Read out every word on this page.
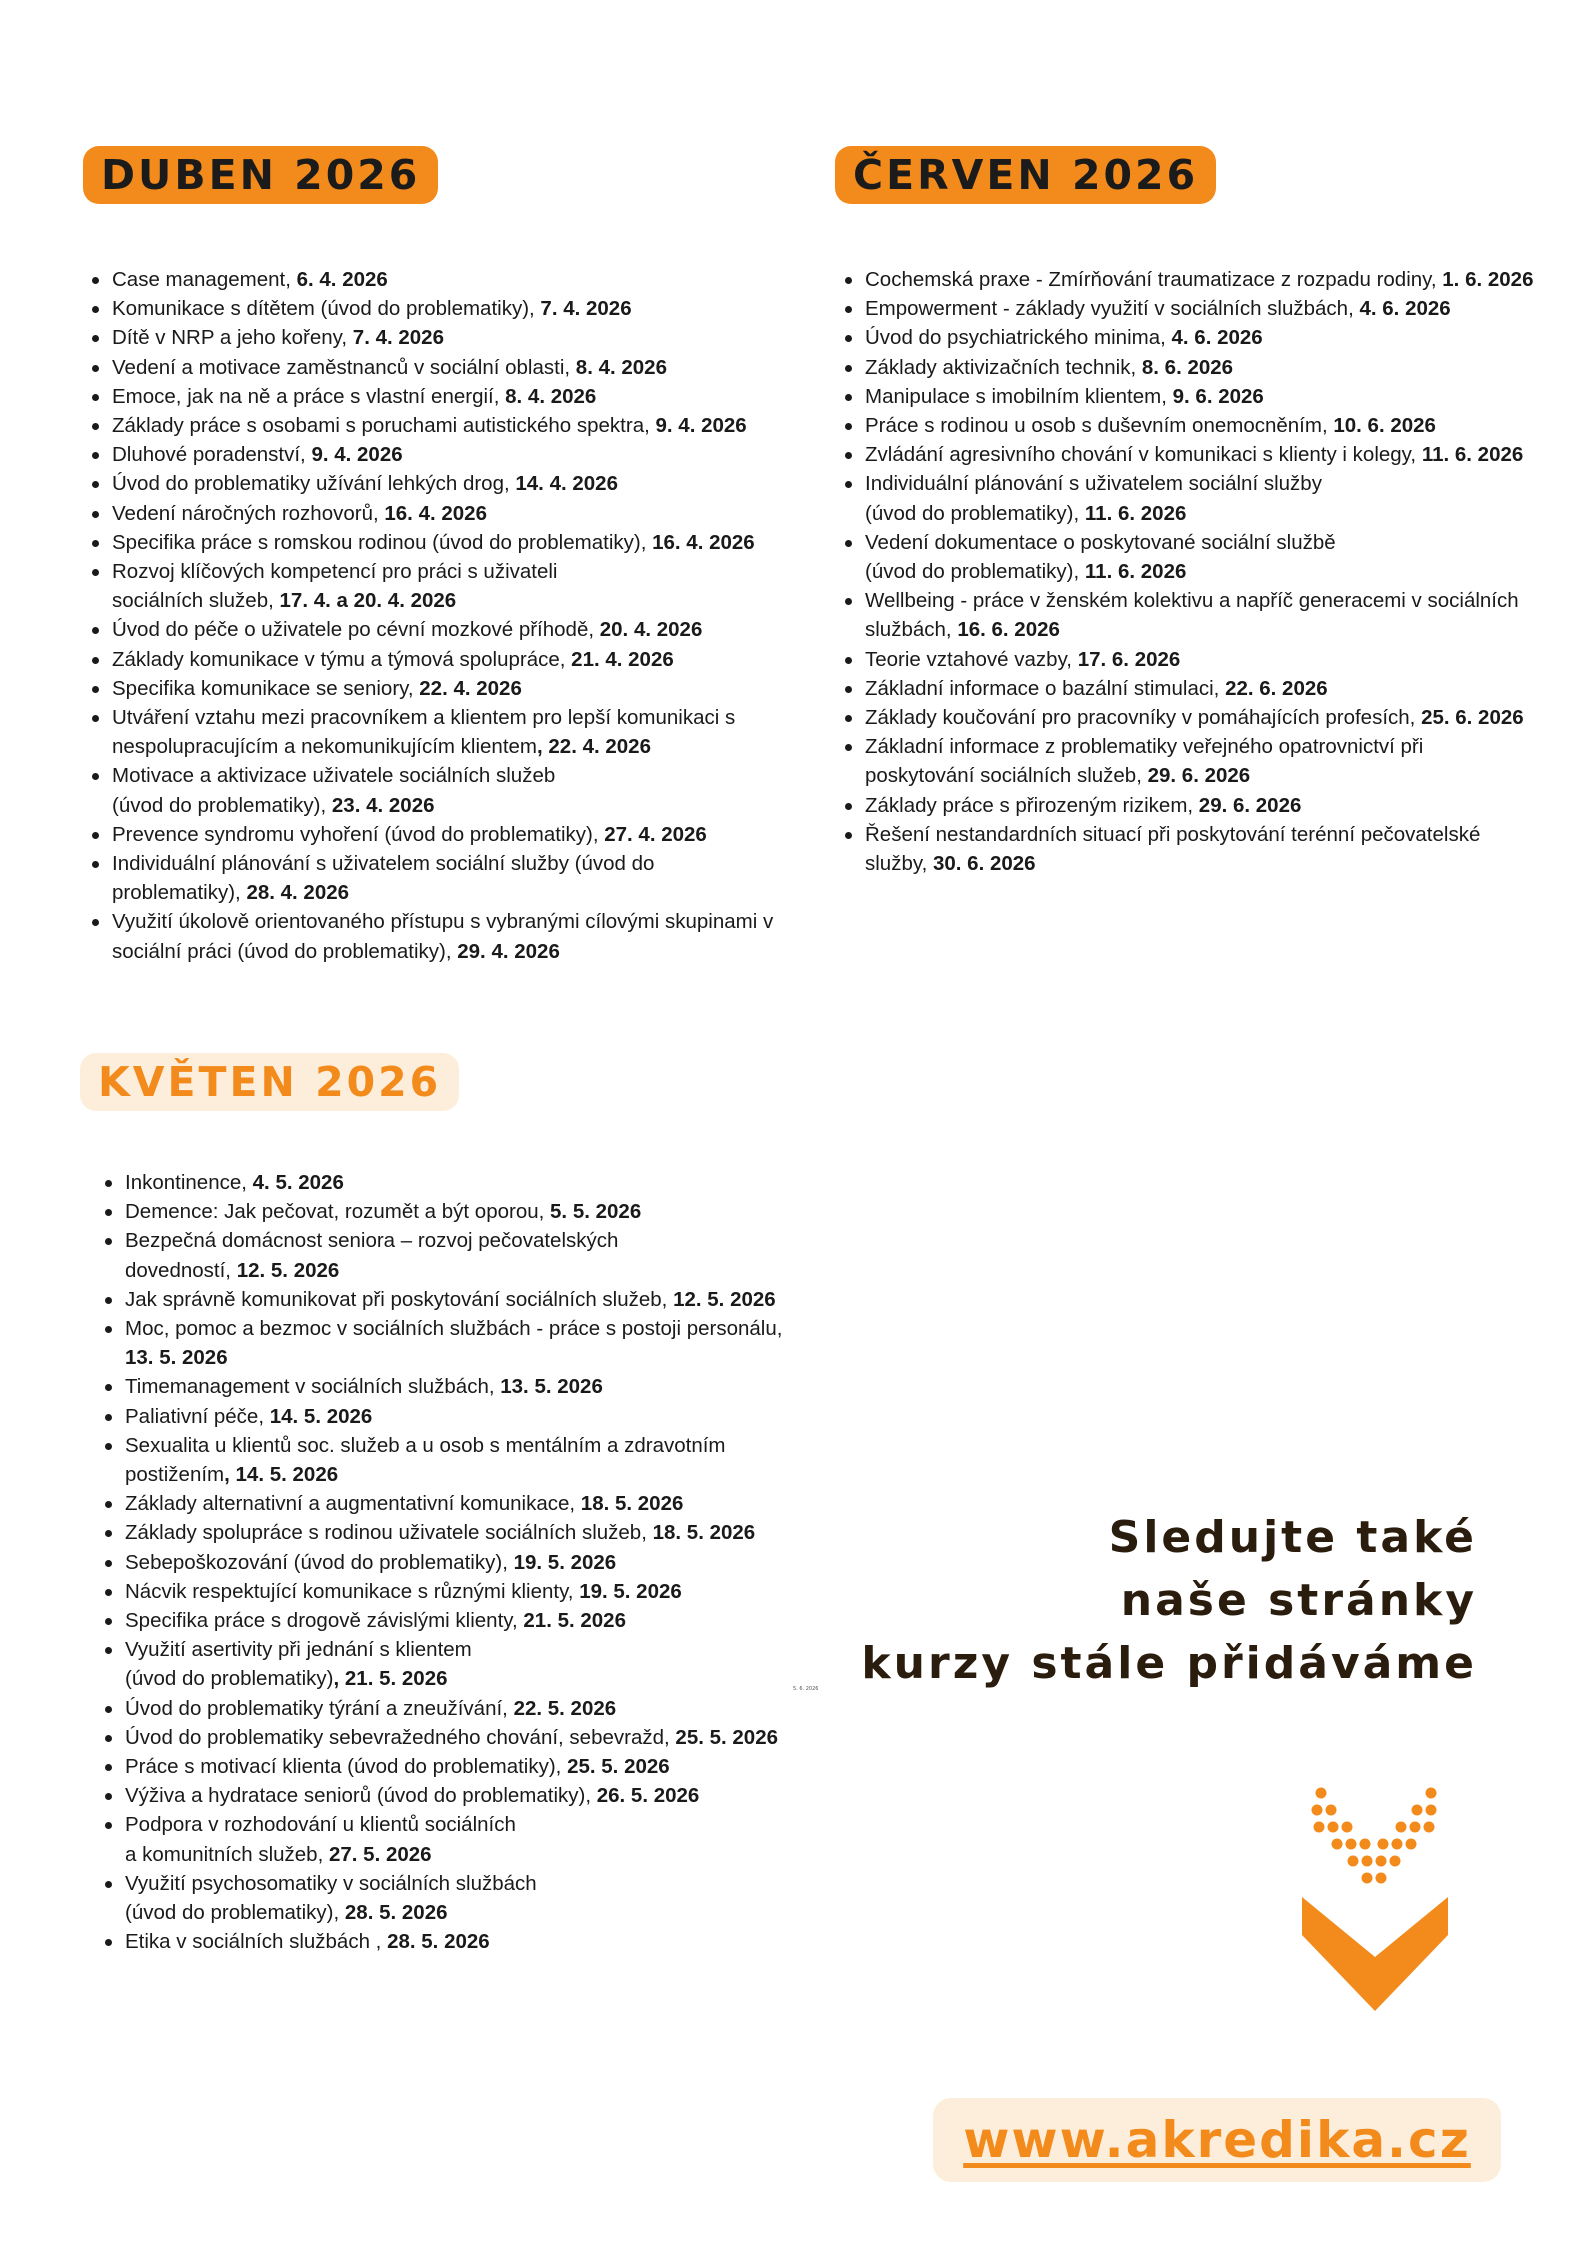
DUBEN 2026	ČERVEN 2026
KVĚTEN 2026
Case management, 6. 4. 2026
Komunikace s dítětem (úvod do problematiky), 7. 4. 2026
Dítě v NRP a jeho kořeny, 7. 4. 2026
Vedení a motivace zaměstnanců v sociální oblasti, 8. 4. 2026
Emoce, jak na ně a práce s vlastní energií, 8. 4. 2026
Základy práce s osobami s poruchami autistického spektra, 9. 4. 2026
Dluhové poradenství, 9. 4. 2026
Úvod do problematiky užívání lehkých drog, 14. 4. 2026
Vedení náročných rozhovorů, 16. 4. 2026
Specifika práce s romskou rodinou (úvod do problematiky), 16. 4. 2026
Rozvoj klíčových kompetencí pro práci s uživateli
sociálních služeb, 17. 4. a 20. 4. 2026
Úvod do péče o uživatele po cévní mozkové příhodě, 20. 4. 2026
Základy komunikace v týmu a týmová spolupráce, 21. 4. 2026
Specifika komunikace se seniory, 22. 4. 2026
Utváření vztahu mezi pracovníkem a klientem pro lepší komunikaci s
nespolupracujícím a nekomunikujícím klientem, 22. 4. 2026
Motivace a aktivizace uživatele sociálních služeb
(úvod do problematiky), 23. 4. 2026
Prevence syndromu vyhoření (úvod do problematiky), 27. 4. 2026
Individuální plánování s uživatelem sociální služby (úvod do
problematiky), 28. 4. 2026
Využití úkolově orientovaného přístupu s vybranými cílovými skupinami v
sociální práci (úvod do problematiky), 29. 4. 2026
Cochemská praxe - Zmírňování traumatizace z rozpadu rodiny, 1. 6. 2026
Empowerment - základy využití v sociálních službách, 4. 6. 2026
Úvod do psychiatrického minima, 4. 6. 2026
Základy aktivizačních technik, 8. 6. 2026
Manipulace s imobilním klientem, 9. 6. 2026
Práce s rodinou u osob s duševním onemocněním, 10. 6. 2026
Zvládání agresivního chování v komunikaci s klienty i kolegy, 11. 6. 2026
Individuální plánování s uživatelem sociální služby
(úvod do problematiky), 11. 6. 2026
Vedení dokumentace o poskytované sociální službě
(úvod do problematiky), 11. 6. 2026
Wellbeing - práce v ženském kolektivu a napříč generacemi v sociálních
službách, 16. 6. 2026
Teorie vztahové vazby, 17. 6. 2026
Základní informace o bazální stimulaci, 22. 6. 2026
Základy koučování pro pracovníky v pomáhajících profesích, 25. 6. 2026
Základní informace z problematiky veřejného opatrovnictví při
poskytování sociálních služeb, 29. 6. 2026
Základy práce s přirozeným rizikem, 29. 6. 2026
Řešení nestandardních situací při poskytování terénní pečovatelské
služby, 30. 6. 2026
Inkontinence, 4. 5. 2026
Demence: Jak pečovat, rozumět a být oporou, 5. 5. 2026
Bezpečná domácnost seniora – rozvoj pečovatelských
dovedností, 12. 5. 2026
Jak správně komunikovat při poskytování sociálních služeb, 12. 5. 2026
Moc, pomoc a bezmoc v sociálních službách - práce s postoji personálu,
13. 5. 2026
Timemanagement v sociálních službách, 13. 5. 2026
Paliativní péče, 14. 5. 2026
Sexualita u klientů soc. služeb a u osob s mentálním a zdravotním
postižením, 14. 5. 2026
Základy alternativní a augmentativní komunikace, 18. 5. 2026
Základy spolupráce s rodinou uživatele sociálních služeb, 18. 5. 2026
Sebepoškozování (úvod do problematiky), 19. 5. 2026
Nácvik respektující komunikace s různými klienty, 19. 5. 2026
Specifika práce s drogově závislými klienty, 21. 5. 2026
Využití asertivity při jednání s klientem
(úvod do problematiky), 21. 5. 2026
Úvod do problematiky týrání a zneužívání, 22. 5. 2026
Úvod do problematiky sebevražedného chování, sebevražd, 25. 5. 2026
Práce s motivací klienta (úvod do problematiky), 25. 5. 2026
Výživa a hydratace seniorů (úvod do problematiky), 26. 5. 2026
Podpora v rozhodování u klientů sociálních
a komunitních služeb, 27. 5. 2026
Využití psychosomatiky v sociálních službách
(úvod do problematiky), 28. 5. 2026
Etika v sociálních službách , 28. 5. 2026
5. 6. 2026
Sledujte také
naše stránky
kurzy stále přidáváme
www.akredika.cz
